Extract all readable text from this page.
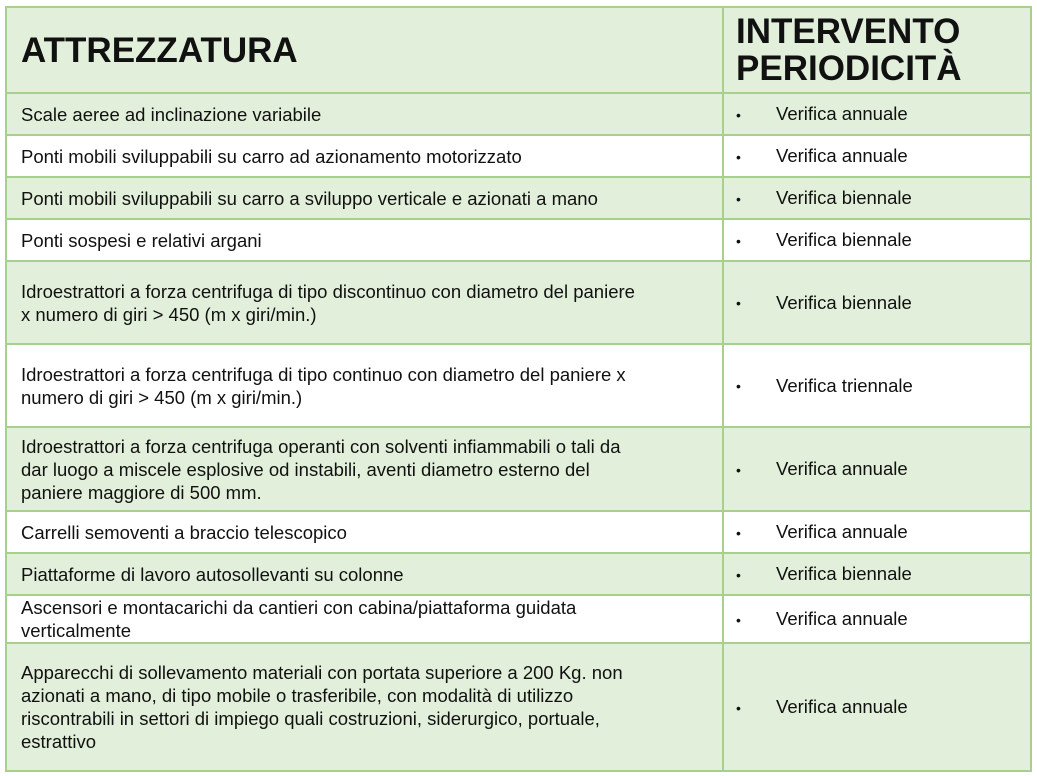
ATTREZZATURA	INTERVENTO
PERIODICITÀ

Scale aeree ad inclinazione variabile	• Verifica annuale

Ponti mobili sviluppabili su carro ad azionamento motorizzato	• Verifica annuale

Ponti mobili sviluppabili su carro a sviluppo verticale e azionati a mano	• Verifica biennale

Ponti sospesi e relativi argani	• Verifica biennale

Idroestrattori a forza centrifuga di tipo discontinuo con diametro del paniere
x numero di giri > 450 (m x giri/min.)	• Verifica biennale

Idroestrattori a forza centrifuga di tipo continuo con diametro del paniere x
numero di giri > 450 (m x giri/min.)	• Verifica triennale

Idroestrattori a forza centrifuga operanti con solventi infiammabili o tali da
dar luogo a miscele esplosive od instabili, aventi diametro esterno del
paniere maggiore di 500 mm.	• Verifica annuale

Carrelli semoventi a braccio telescopico	• Verifica annuale

Piattaforme di lavoro autosollevanti su colonne	• Verifica biennale

Ascensori e montacarichi da cantieri con cabina/piattaforma guidata
verticalmente	• Verifica annuale

Apparecchi di sollevamento materiali con portata superiore a 200 Kg. non
azionati a mano, di tipo mobile o trasferibile, con modalità di utilizzo
riscontrabili in settori di impiego quali costruzioni, siderurgico, portuale,
estrattivo	• Verifica annuale
